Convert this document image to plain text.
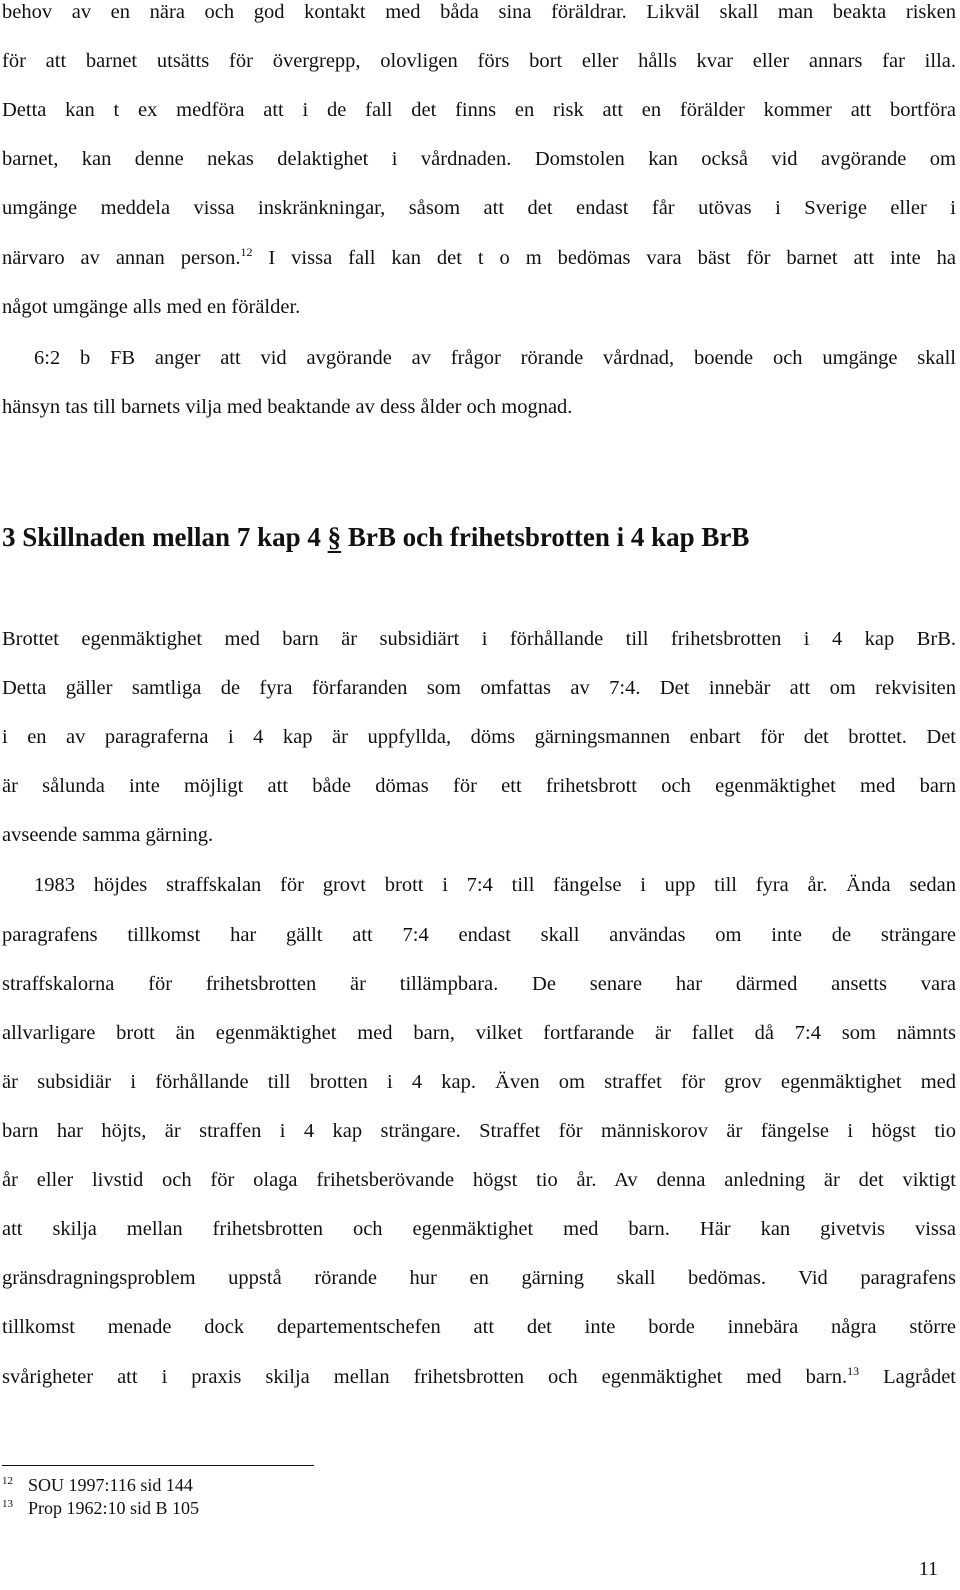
behov av en nära och god kontakt med båda sina föräldrar. Likväl skall man beakta risken
för att barnet utsätts för övergrepp, olovligen förs bort eller hålls kvar eller annars far illa.
Detta kan t ex medföra att i de fall det finns en risk att en förälder kommer att bortföra
barnet, kan denne nekas delaktighet i vårdnaden. Domstolen kan också vid avgörande om
umgänge meddela vissa inskränkningar, såsom att det endast får utövas i Sverige eller i
närvaro av annan person.$^{12}$ I vissa fall kan det t o m bedömas vara bäst för barnet att inte ha
något umgänge alls med en förälder.
6:2 b FB anger att vid avgörande av frågor rörande vårdnad, boende och umgänge skall
hänsyn tas till barnets vilja med beaktande av dess ålder och mognad.
3 Skillnaden mellan 7 kap 4 § BrB och frihetsbrotten i 4 kap BrB
Brottet egenmäktighet med barn är subsidiärt i förhållande till frihetsbrotten i 4 kap BrB.
Detta gäller samtliga de fyra förfaranden som omfattas av 7:4. Det innebär att om rekvisiten
i en av paragraferna i 4 kap är uppfyllda, döms gärningsmannen enbart för det brottet. Det
är sålunda inte möjligt att både dömas för ett frihetsbrott och egenmäktighet med barn
avseende samma gärning.
1983 höjdes straffskalan för grovt brott i 7:4 till fängelse i upp till fyra år. Ända sedan
paragrafens tillkomst har gällt att 7:4 endast skall användas om inte de strängare
straffskalorna för frihetsbrotten är tillämpbara. De senare har därmed ansetts vara
allvarligare brott än egenmäktighet med barn, vilket fortfarande är fallet då 7:4 som nämnts
är subsidiär i förhållande till brotten i 4 kap. Även om straffet för grov egenmäktighet med
barn har höjts, är straffen i 4 kap strängare. Straffet för människorov är fängelse i högst tio
år eller livstid och för olaga frihetsberövande högst tio år. Av denna anledning är det viktigt
att skilja mellan frihetsbrotten och egenmäktighet med barn. Här kan givetvis vissa
gränsdragningsproblem uppstå rörande hur en gärning skall bedömas. Vid paragrafens
tillkomst menade dock departementschefen att det inte borde innebära några större
svårigheter att i praxis skilja mellan frihetsbrotten och egenmäktighet med barn.$^{13}$ Lagrådet
12 SOU 1997:116 sid 144
13 Prop 1962:10 sid B 105
11
